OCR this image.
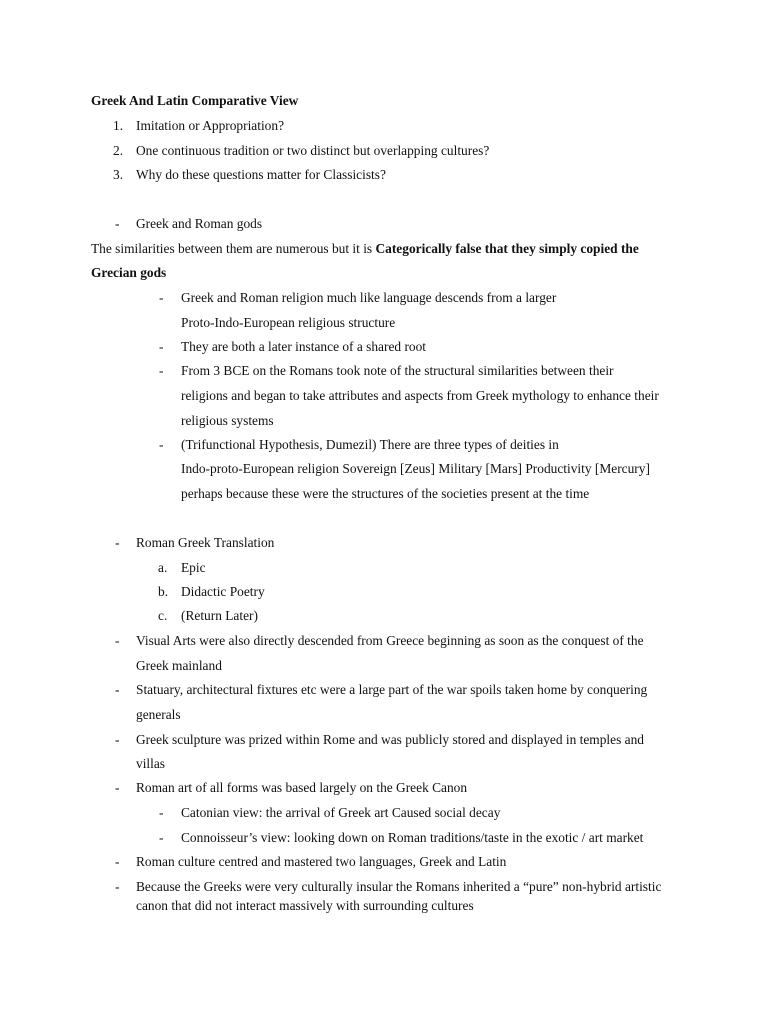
Greek And Latin Comparative View
1. Imitation or Appropriation?
2. One continuous tradition or two distinct but overlapping cultures?
3. Why do these questions matter for Classicists?
- Greek and Roman gods
The similarities between them are numerous but it is Categorically false that they simply copied the
Grecian gods
- Greek and Roman religion much like language descends from a larger
Proto-Indo-European religious structure
- They are both a later instance of a shared root
- From 3 BCE on the Romans took note of the structural similarities between their
religions and began to take attributes and aspects from Greek mythology to enhance their
religious systems
- (Trifunctional Hypothesis, Dumezil) There are three types of deities in
Indo-proto-European religion Sovereign [Zeus] Military [Mars] Productivity [Mercury]
perhaps because these were the structures of the societies present at the time
- Roman Greek Translation
a. Epic
b. Didactic Poetry
c. (Return Later)
- Visual Arts were also directly descended from Greece beginning as soon as the conquest of the
Greek mainland
- Statuary, architectural fixtures etc were a large part of the war spoils taken home by conquering
generals
- Greek sculpture was prized within Rome and was publicly stored and displayed in temples and
villas
- Roman art of all forms was based largely on the Greek Canon
- Catonian view: the arrival of Greek art Caused social decay
- Connoisseur’s view: looking down on Roman traditions/taste in the exotic / art market
- Roman culture centred and mastered two languages, Greek and Latin
- Because the Greeks were very culturally insular the Romans inherited a “pure” non-hybrid artistic
canon that did not interact massively with surrounding cultures
